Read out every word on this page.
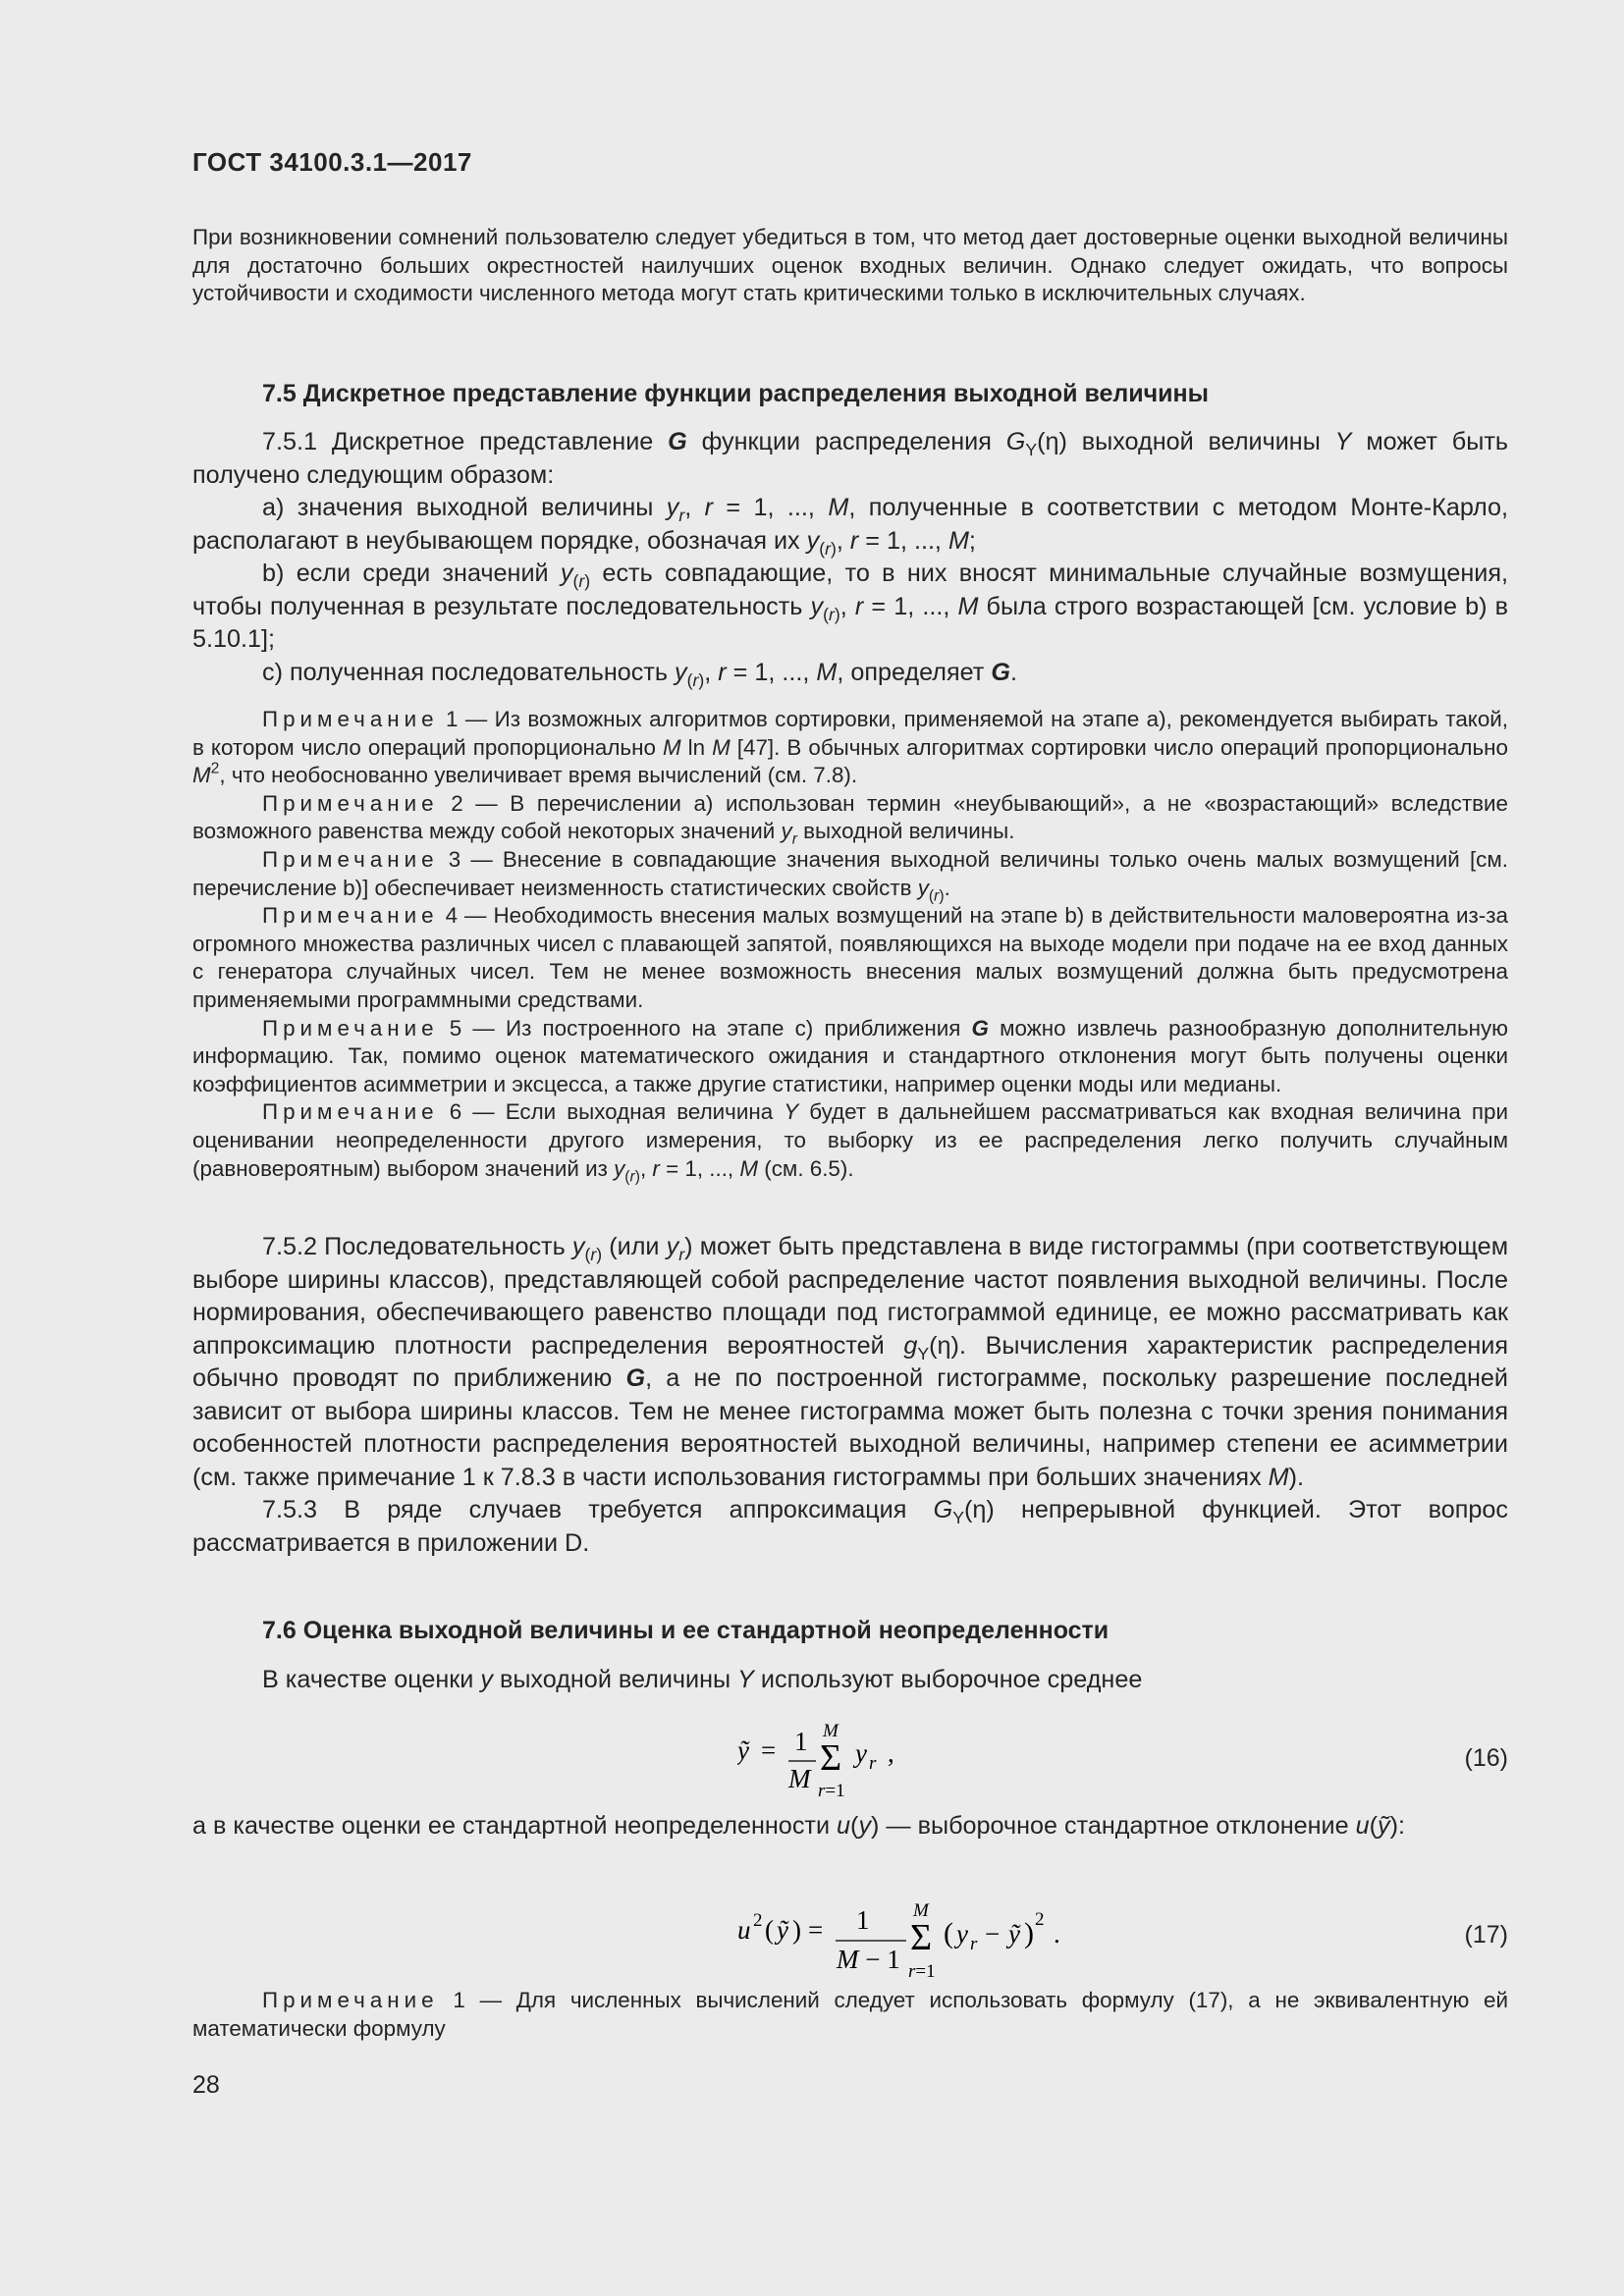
ГОСТ 34100.3.1—2017

При возникновении сомнений пользователю следует убедиться в том, что метод дает достоверные оценки выходной величины для достаточно больших окрестностей наилучших оценок входных величин. Однако следует ожидать, что вопросы устойчивости и сходимости численного метода могут стать критическими только в исключительных случаях.

7.5 Дискретное представление функции распределения выходной величины

7.5.1 Дискретное представление G функции распределения $G_Y(\eta)$ выходной величины Y может быть получено следующим образом:

а) значения выходной величины $y_r$, r = 1, ..., M, полученные в соответствии с методом Монте-Карло, располагают в неубывающем порядке, обозначая их $y_{(r)}$, r = 1, ..., M;

b) если среди значений $y_{(r)}$ есть совпадающие, то в них вносят минимальные случайные возмущения, чтобы полученная в результате последовательность $y_{(r)}$, r = 1, ..., M была строго возрастающей [см. условие b) в 5.10.1];

с) полученная последовательность $y_{(r)}$, r = 1, ..., M, определяет G.

Примечание 1 — Из возможных алгоритмов сортировки, применяемой на этапе а), рекомендуется выбирать такой, в котором число операций пропорционально M ln M [47]. В обычных алгоритмах сортировки число операций пропорционально $M^2$, что необоснованно увеличивает время вычислений (см. 7.8).

Примечание 2 — В перечислении а) использован термин «неубывающий», а не «возрастающий» вследствие возможного равенства между собой некоторых значений $y_r$ выходной величины.

Примечание 3 — Внесение в совпадающие значения выходной величины только очень малых возмущений [см. перечисление b)] обеспечивает неизменность статистических свойств $y_{(r)}$.

Примечание 4 — Необходимость внесения малых возмущений на этапе b) в действительности маловероятна из-за огромного множества различных чисел с плавающей запятой, появляющихся на выходе модели при подаче на ее вход данных с генератора случайных чисел. Тем не менее возможность внесения малых возмущений должна быть предусмотрена применяемыми программными средствами.

Примечание 5 — Из построенного на этапе с) приближения G можно извлечь разнообразную дополнительную информацию. Так, помимо оценок математического ожидания и стандартного отклонения могут быть получены оценки коэффициентов асимметрии и эксцесса, а также другие статистики, например оценки моды или медианы.

Примечание 6 — Если выходная величина Y будет в дальнейшем рассматриваться как входная величина при оценивании неопределенности другого измерения, то выборку из ее распределения легко получить случайным (равновероятным) выбором значений из $y_{(r)}$, r = 1, ..., M (см. 6.5).

7.5.2 Последовательность $y_{(r)}$ (или $y_r$) может быть представлена в виде гистограммы (при соответствующем выборе ширины классов), представляющей собой распределение частот появления выходной величины. После нормирования, обеспечивающего равенство площади под гистограммой единице, ее можно рассматривать как аппроксимацию плотности распределения вероятностей $g_Y(\eta)$. Вычисления характеристик распределения обычно проводят по приближению G, а не по построенной гистограмме, поскольку разрешение последней зависит от выбора ширины классов. Тем не менее гистограмма может быть полезна с точки зрения понимания особенностей плотности распределения вероятностей выходной величины, например степени ее асимметрии (см. также примечание 1 к 7.8.3 в части использования гистограммы при больших значениях M).

7.5.3 В ряде случаев требуется аппроксимация $G_Y(\eta)$ непрерывной функцией. Этот вопрос рассматривается в приложении D.

7.6 Оценка выходной величины и ее стандартной неопределенности

В качестве оценки y выходной величины Y используют выборочное среднее

ỹ = 1
M
M
Σ
r=1
y r ,	(16)

а в качестве оценки ее стандартной неопределенности u(y) — выборочное стандартное отклонение u(ỹ):

u 2 ( ỹ ) = 1
M − 1
M
Σ
r=1
( y r − ỹ ) 2 .	(17)

Примечание 1 — Для численных вычислений следует использовать формулу (17), а не эквивалентную ей математически формулу

28
